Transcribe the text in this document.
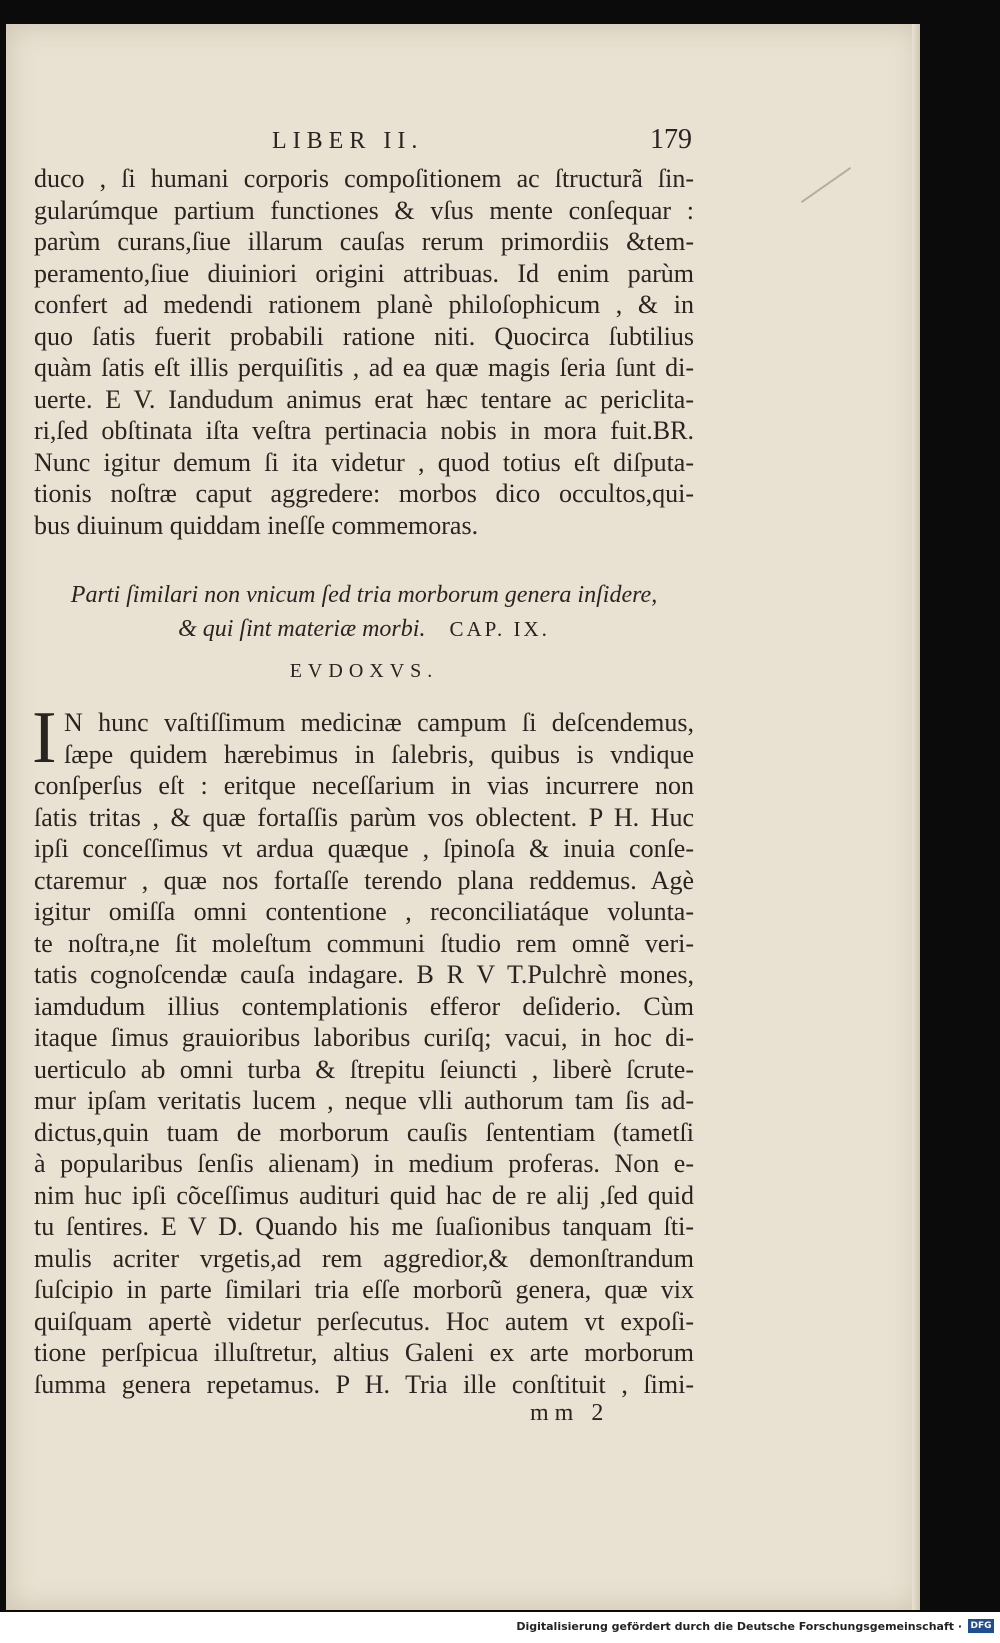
LIBER II.	179
duco , ſi humani corporis compoſitionem ac ſtructurã ſin-
gularúmque partium functiones & vſus mente conſequar :
parùm curans,ſiue illarum cauſas rerum primordiis &tem-
peramento,ſiue diuiniori origini attribuas. Id enim parùm
confert ad medendi rationem planè philoſophicum , & in
quo ſatis fuerit probabili ratione niti. Quocirca ſubtilius
quàm ſatis eſt illis perquiſitis , ad ea quæ magis ſeria ſunt di-
uerte. E V. Iandudum animus erat hæc tentare ac periclita-
ri,ſed obſtinata iſta veſtra pertinacia nobis in mora fuit.BR.
Nunc igitur demum ſi ita videtur , quod totius eſt diſputa-
tionis noſtræ caput aggredere: morbos dico occultos,qui-
bus diuinum quiddam ineſſe commemoras.
Parti ſimilari non vnicum ſed tria morborum genera inſidere,
& qui ſint materiæ morbi. CAP. IX.
EVDOXVS.
I N hunc vaſtiſſimum medicinæ campum ſi deſcendemus,
ſæpe quidem hærebimus in ſalebris, quibus is vndique
conſperſus eſt : eritque neceſſarium in vias incurrere non
ſatis tritas , & quæ fortaſſis parùm vos oblectent. P H. Huc
ipſi conceſſimus vt ardua quæque , ſpinoſa & inuia conſe-
ctaremur , quæ nos fortaſſe terendo plana reddemus. Agè
igitur omiſſa omni contentione , reconciliatáque volunta-
te noſtra,ne ſit moleſtum communi ſtudio rem omnẽ veri-
tatis cognoſcendæ cauſa indagare. B R V T.Pulchrè mones,
iamdudum illius contemplationis efferor deſiderio. Cùm
itaque ſimus grauioribus laboribus curiſq; vacui, in hoc di-
uerticulo ab omni turba & ſtrepitu ſeiuncti , liberè ſcrute-
mur ipſam veritatis lucem , neque vlli authorum tam ſis ad-
dictus,quin tuam de morborum cauſis ſententiam (tametſi
à popularibus ſenſis alienam) in medium proferas. Non e-
nim huc ipſi cõceſſimus audituri quid hac de re alij ,ſed quid
tu ſentires. E V D. Quando his me ſuaſionibus tanquam ſti-
mulis acriter vrgetis,ad rem aggredior,& demonſtrandum
ſuſcipio in parte ſimilari tria eſſe morborũ genera, quæ vix
quiſquam apertè videtur perſecutus. Hoc autem vt expoſi-
tione perſpicua illuſtretur, altius Galeni ex arte morborum
ſumma genera repetamus. P H. Tria ille conſtituit , ſimi-
mm 2
Digitalisierung gefördert durch die Deutsche Forschungsgemeinschaft · DFG
